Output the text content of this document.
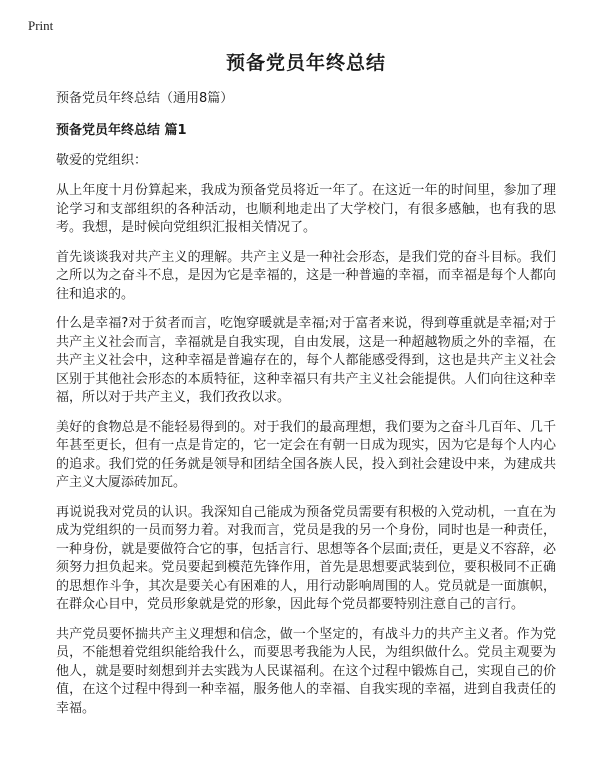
Print
预备党员年终总结

预备党员年终总结（通用8篇）

预备党员年终总结 篇1

敬爱的党组织：

从上年度十月份算起来，我成为预备党员将近一年了。在这近一年的时间里，参加了理论学习和支部组织的各种活动，也顺利地走出了大学校门，有很多感触，也有我的思考。我想，是时候向党组织汇报相关情况了。

首先谈谈我对共产主义的理解。共产主义是一种社会形态，是我们党的奋斗目标。我们之所以为之奋斗不息，是因为它是幸福的，这是一种普遍的幸福，而幸福是每个人都向往和追求的。

什么是幸福?对于贫者而言，吃饱穿暖就是幸福;对于富者来说，得到尊重就是幸福;对于共产主义社会而言，幸福就是自我实现，自由发展，这是一种超越物质之外的幸福，在共产主义社会中，这种幸福是普遍存在的，每个人都能感受得到，这也是共产主义社会区别于其他社会形态的本质特征，这种幸福只有共产主义社会能提供。人们向往这种幸福，所以对于共产主义，我们孜孜以求。

美好的食物总是不能轻易得到的。对于我们的最高理想，我们要为之奋斗几百年、几千年甚至更长，但有一点是肯定的，它一定会在有朝一日成为现实，因为它是每个人内心的追求。我们党的任务就是领导和团结全国各族人民，投入到社会建设中来，为建成共产主义大厦添砖加瓦。

再说说我对党员的认识。我深知自己能成为预备党员需要有积极的入党动机，一直在为成为党组织的一员而努力着。对我而言，党员是我的另一个身份，同时也是一种责任，一种身份，就是要做符合它的事，包括言行、思想等各个层面;责任，更是义不容辞，必须努力担负起来。党员要起到模范先锋作用，首先是思想要武装到位，要积极同不正确的思想作斗争，其次是要关心有困难的人，用行动影响周围的人。党员就是一面旗帜，在群众心目中，党员形象就是党的形象，因此每个党员都要特别注意自己的言行。

共产党员要怀揣共产主义理想和信念，做一个坚定的，有战斗力的共产主义者。作为党员，不能想着党组织能给我什么，而要思考我能为人民，为组织做什么。党员主观要为他人，就是要时刻想到并去实践为人民谋福利。在这个过程中锻炼自己，实现自己的价值，在这个过程中得到一种幸福，服务他人的幸福、自我实现的幸福，进到自我责任的幸福。
